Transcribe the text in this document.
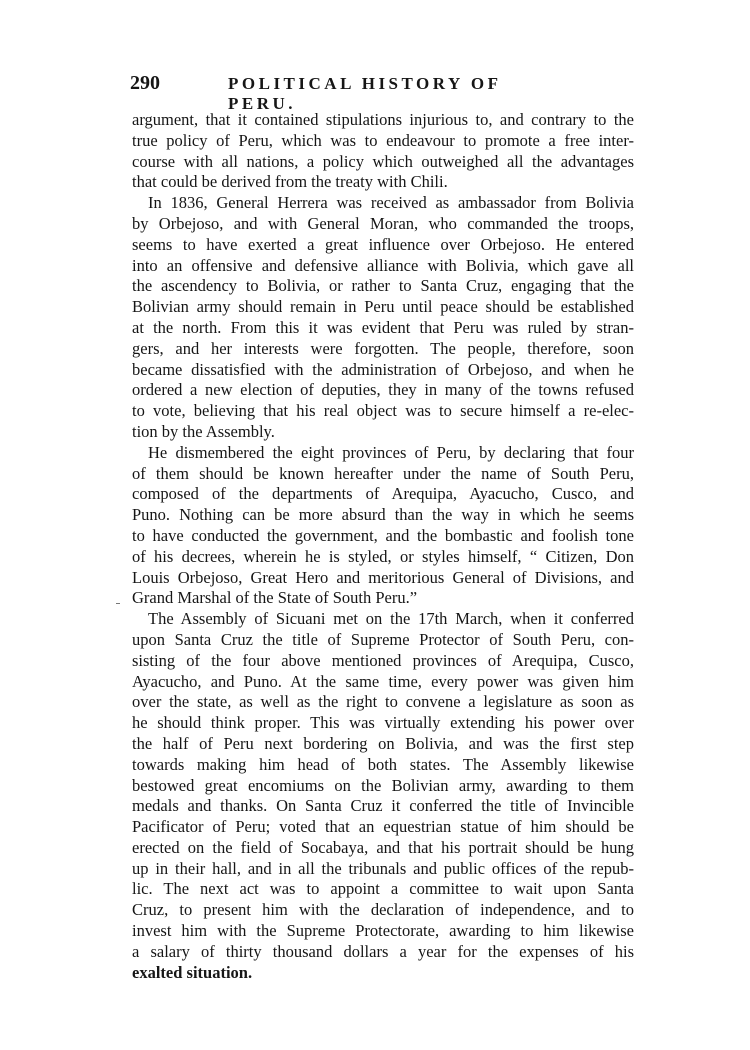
290	POLITICAL HISTORY OF PERU.
argument, that it contained stipulations injurious to, and contrary to the
true policy of Peru, which was to endeavour to promote a free inter-
course with all nations, a policy which outweighed all the advantages
that could be derived from the treaty with Chili.
In 1836, General Herrera was received as ambassador from Bolivia
by Orbejoso, and with General Moran, who commanded the troops,
seems to have exerted a great influence over Orbejoso. He entered
into an offensive and defensive alliance with Bolivia, which gave all
the ascendency to Bolivia, or rather to Santa Cruz, engaging that the
Bolivian army should remain in Peru until peace should be established
at the north. From this it was evident that Peru was ruled by stran-
gers, and her interests were forgotten. The people, therefore, soon
became dissatisfied with the administration of Orbejoso, and when he
ordered a new election of deputies, they in many of the towns refused
to vote, believing that his real object was to secure himself a re-elec-
tion by the Assembly.
He dismembered the eight provinces of Peru, by declaring that four
of them should be known hereafter under the name of South Peru,
composed of the departments of Arequipa, Ayacucho, Cusco, and
Puno. Nothing can be more absurd than the way in which he seems
to have conducted the government, and the bombastic and foolish tone
of his decrees, wherein he is styled, or styles himself, “ Citizen, Don
Louis Orbejoso, Great Hero and meritorious General of Divisions, and
Grand Marshal of the State of South Peru.”
The Assembly of Sicuani met on the 17th March, when it conferred
upon Santa Cruz the title of Supreme Protector of South Peru, con-
sisting of the four above mentioned provinces of Arequipa, Cusco,
Ayacucho, and Puno. At the same time, every power was given him
over the state, as well as the right to convene a legislature as soon as
he should think proper. This was virtually extending his power over
the half of Peru next bordering on Bolivia, and was the first step
towards making him head of both states. The Assembly likewise
bestowed great encomiums on the Bolivian army, awarding to them
medals and thanks. On Santa Cruz it conferred the title of Invincible
Pacificator of Peru; voted that an equestrian statue of him should be
erected on the field of Socabaya, and that his portrait should be hung
up in their hall, and in all the tribunals and public offices of the repub-
lic. The next act was to appoint a committee to wait upon Santa
Cruz, to present him with the declaration of independence, and to
invest him with the Supreme Protectorate, awarding to him likewise
a salary of thirty thousand dollars a year for the expenses of his
exalted situation.
